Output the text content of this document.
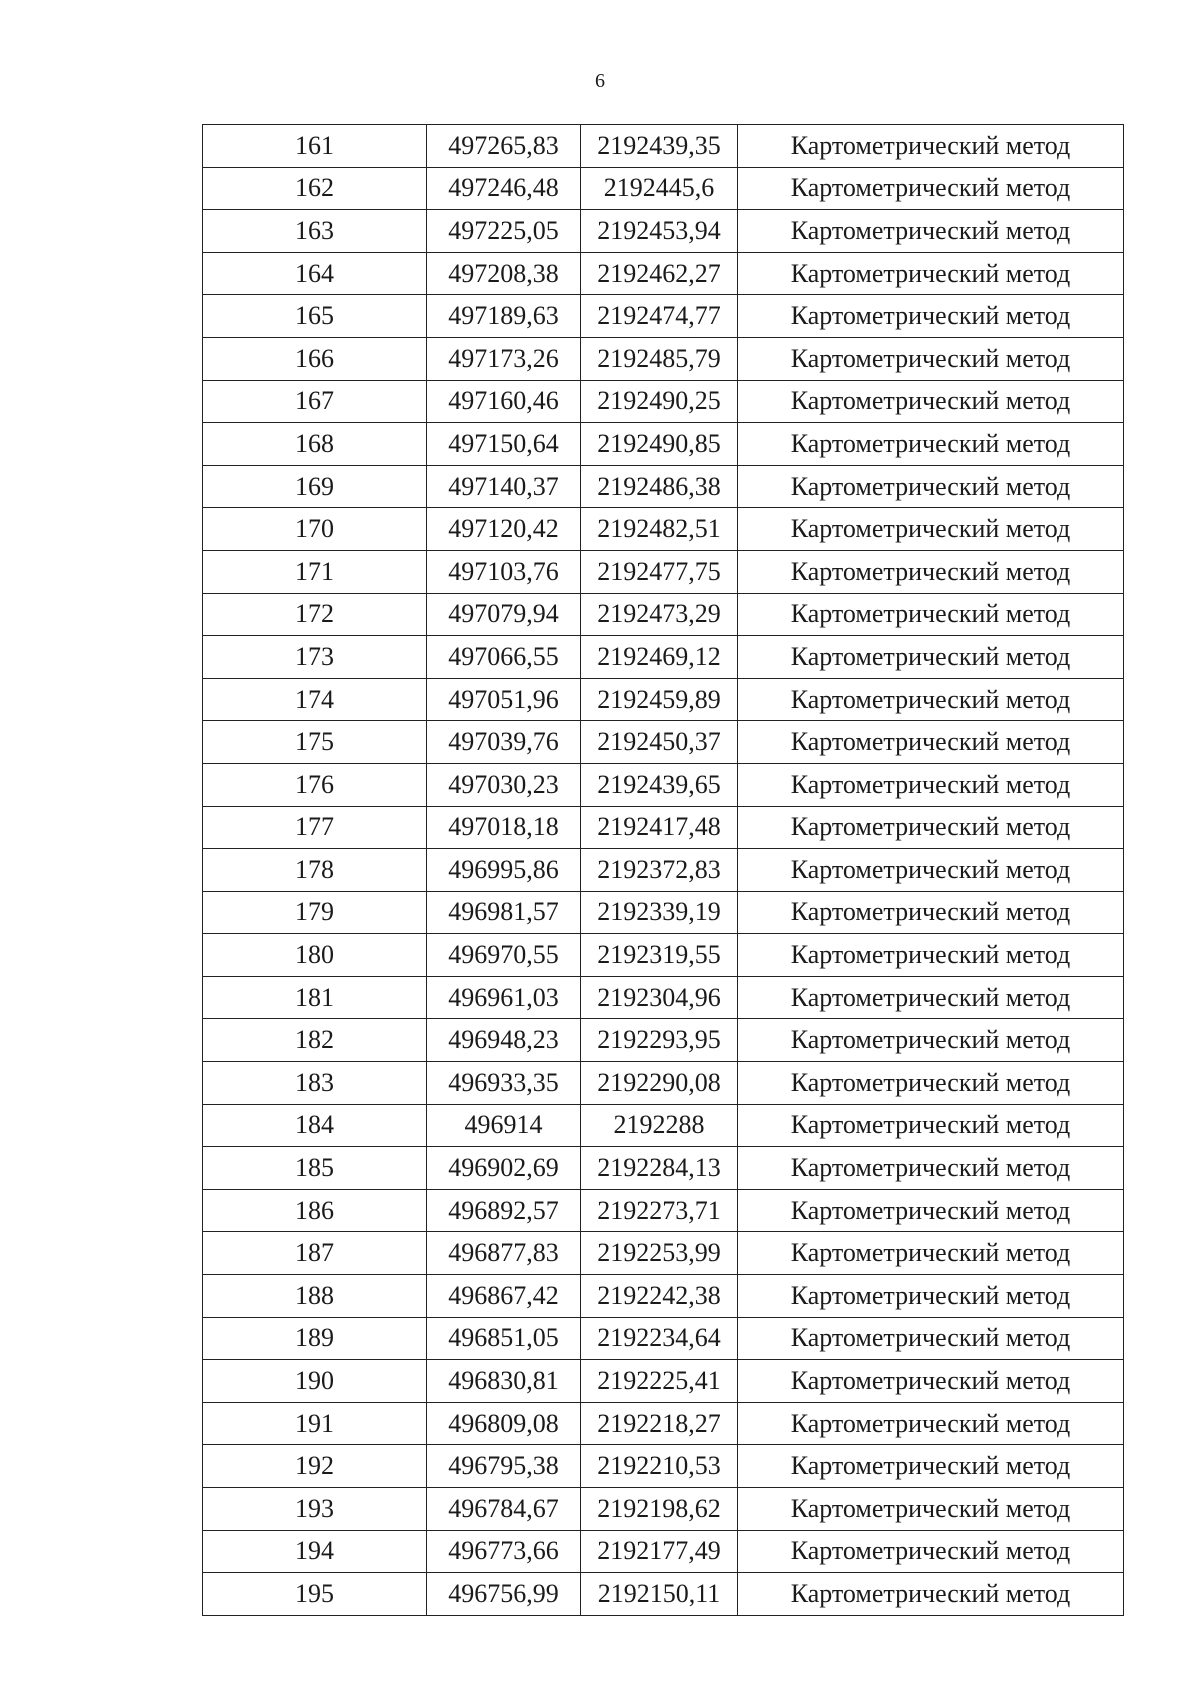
6
161	497265,83	2192439,35	Картометрический метод
162	497246,48	2192445,6	Картометрический метод
163	497225,05	2192453,94	Картометрический метод
164	497208,38	2192462,27	Картометрический метод
165	497189,63	2192474,77	Картометрический метод
166	497173,26	2192485,79	Картометрический метод
167	497160,46	2192490,25	Картометрический метод
168	497150,64	2192490,85	Картометрический метод
169	497140,37	2192486,38	Картометрический метод
170	497120,42	2192482,51	Картометрический метод
171	497103,76	2192477,75	Картометрический метод
172	497079,94	2192473,29	Картометрический метод
173	497066,55	2192469,12	Картометрический метод
174	497051,96	2192459,89	Картометрический метод
175	497039,76	2192450,37	Картометрический метод
176	497030,23	2192439,65	Картометрический метод
177	497018,18	2192417,48	Картометрический метод
178	496995,86	2192372,83	Картометрический метод
179	496981,57	2192339,19	Картометрический метод
180	496970,55	2192319,55	Картометрический метод
181	496961,03	2192304,96	Картометрический метод
182	496948,23	2192293,95	Картометрический метод
183	496933,35	2192290,08	Картометрический метод
184	496914	2192288	Картометрический метод
185	496902,69	2192284,13	Картометрический метод
186	496892,57	2192273,71	Картометрический метод
187	496877,83	2192253,99	Картометрический метод
188	496867,42	2192242,38	Картометрический метод
189	496851,05	2192234,64	Картометрический метод
190	496830,81	2192225,41	Картометрический метод
191	496809,08	2192218,27	Картометрический метод
192	496795,38	2192210,53	Картометрический метод
193	496784,67	2192198,62	Картометрический метод
194	496773,66	2192177,49	Картометрический метод
195	496756,99	2192150,11	Картометрический метод
